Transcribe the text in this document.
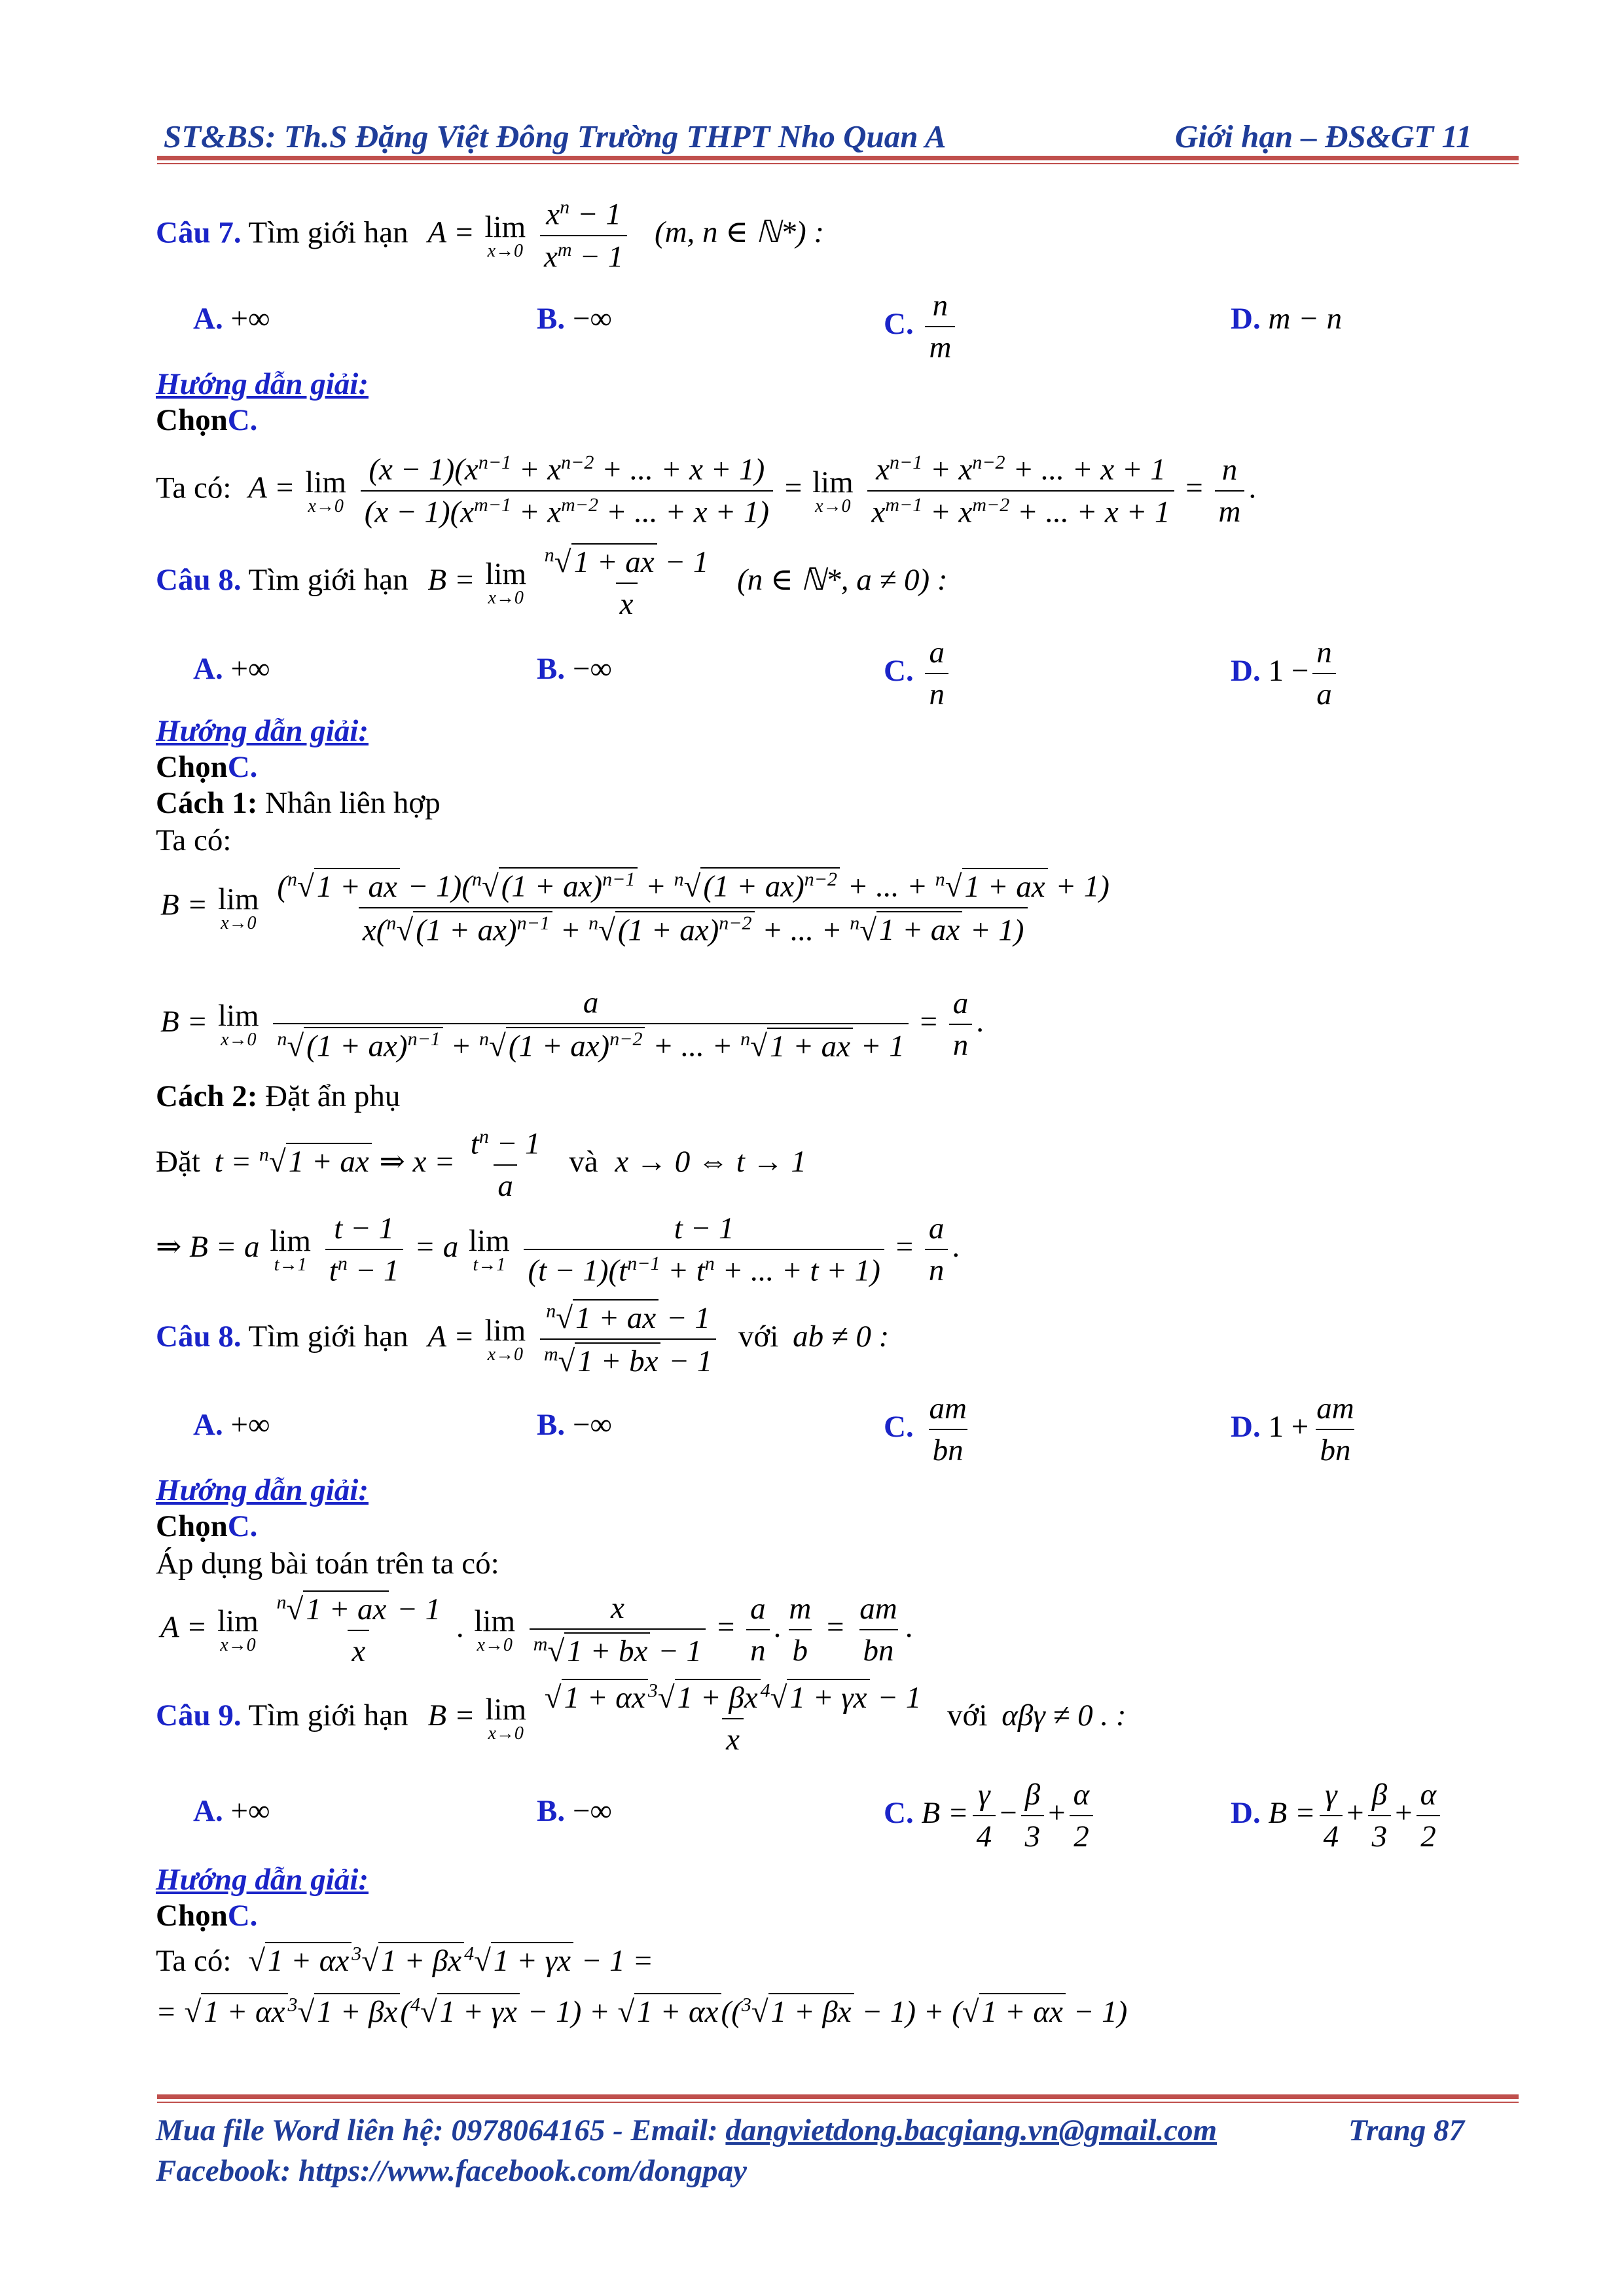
ST&BS: Th.S Đặng Việt Đông Trường THPT Nho Quan A	Giới hạn – ĐS&GT 11
Câu 7. Tìm giới hạn A = lim
x→0
$\frac{x^n - 1}{x^m - 1} (m$, n ∈ ℕ*) :
A. +∞	B. −∞	C. $\frac{n}{m}$	D. m − n
Hướng dẫn giải:
ChọnC.
Ta có: A = lim
x→0
$\frac{(x - 1)(x^{n-1} + x^{n-2} + ... + x + 1)}{(x - 1)(x^{m-1} + x^{m-2} + ... + x + 1)} = \lim$
x→0
$\frac{x^{n-1} + x^{n-2} + ... + x + 1}{x^{m-1} + x^{m-2} + ... + x + 1} = \frac{n}{m}$ .
Câu 8. Tìm giới hạn B = lim
x→0
$\frac{^n√1 + ax - 1}{x} (n$ ∈ ℕ*, a ≠ 0) :
A. +∞	B. −∞	C. $\frac{a}{n}$	D. $1 - \frac{n}{a}$
Hướng dẫn giải:
ChọnC.
Cách 1: Nhân liên hợp
Ta có:
B = lim
x→0

($^n$√1 + ax − 1)($^n$√(1 + ax)$^{n-1}$ + $^n$√(1 + ax)$^{n-2}$ + ... + $^n$√1 + ax + 1)
x($^n$√(1 + ax)$^{n-1}$ + $^n$√(1 + ax)$^{n-2}$ + ... + $^n$√1 + ax + 1)
B = lim
x→0
$\frac{a}{^n√(1 + ax)^{n-1} + ^n√(1 + ax)^{n-2} + ... + ^n√1 + ax + 1} = \frac{a}{n}$ .
Cách 2: Đặt ẩn phụ
Đặt t = $^n$√1 + ax ⇒ $x = \frac{t^n - 1}{a}$ và x → 0 ⇔ t → 1
⇒ B = a lim
t→1
$\frac{t - 1}{t^n - 1} = a$ lim
t→1
$\frac{t - 1}{(t - 1)(t^{n-1} + t^n + ... + t + 1)} = \frac{a}{n}$ .
Câu 8. Tìm giới hạn A = lim
x→0
$\frac{^n√1 + ax - 1}{^m√1 + bx - 1}$ với ab ≠ 0 :
A. +∞	B. −∞	C. $\frac{am}{bn}$	D. $1 + \frac{am}{bn}$
Hướng dẫn giải:
ChọnC.
Áp dụng bài toán trên ta có:
A = lim
x→0
$\frac{^n√1 + ax - 1}{x}$ . lim
x→0
$\frac{x}{^m√1 + bx - 1} = \frac{a}{n}$ . $\frac{m}{b} = \frac{am}{bn}$ .
Câu 9. Tìm giới hạn B = lim
x→0
$\frac{√1 + \alpha x ^3√1 + \beta x ^4√1 + \gamma x - 1}{x}$ với αβγ ≠ 0 . :
A. +∞	B. −∞	C. $B = \frac{\gamma}{4} - \frac{\beta}{3} + \frac{\alpha}{2}$	D. $B = \frac{\gamma}{4} + \frac{\beta}{3} + \frac{\alpha}{2}$
Hướng dẫn giải:
ChọnC.
Ta có: √1 + αx $^3$√1 + βx $^4$√1 + γx − 1 =
= √1 + αx $^3$√1 + βx($^4$√1 + γx − 1) + √1 + αx(($^3$√1 + βx − 1) + (√1 + αx − 1)
Mua file Word liên hệ: 0978064165 - Email: dangvietdong.bacgiang.vn@gmail.com	Trang 87
Facebook: https://www.facebook.com/dongpay
